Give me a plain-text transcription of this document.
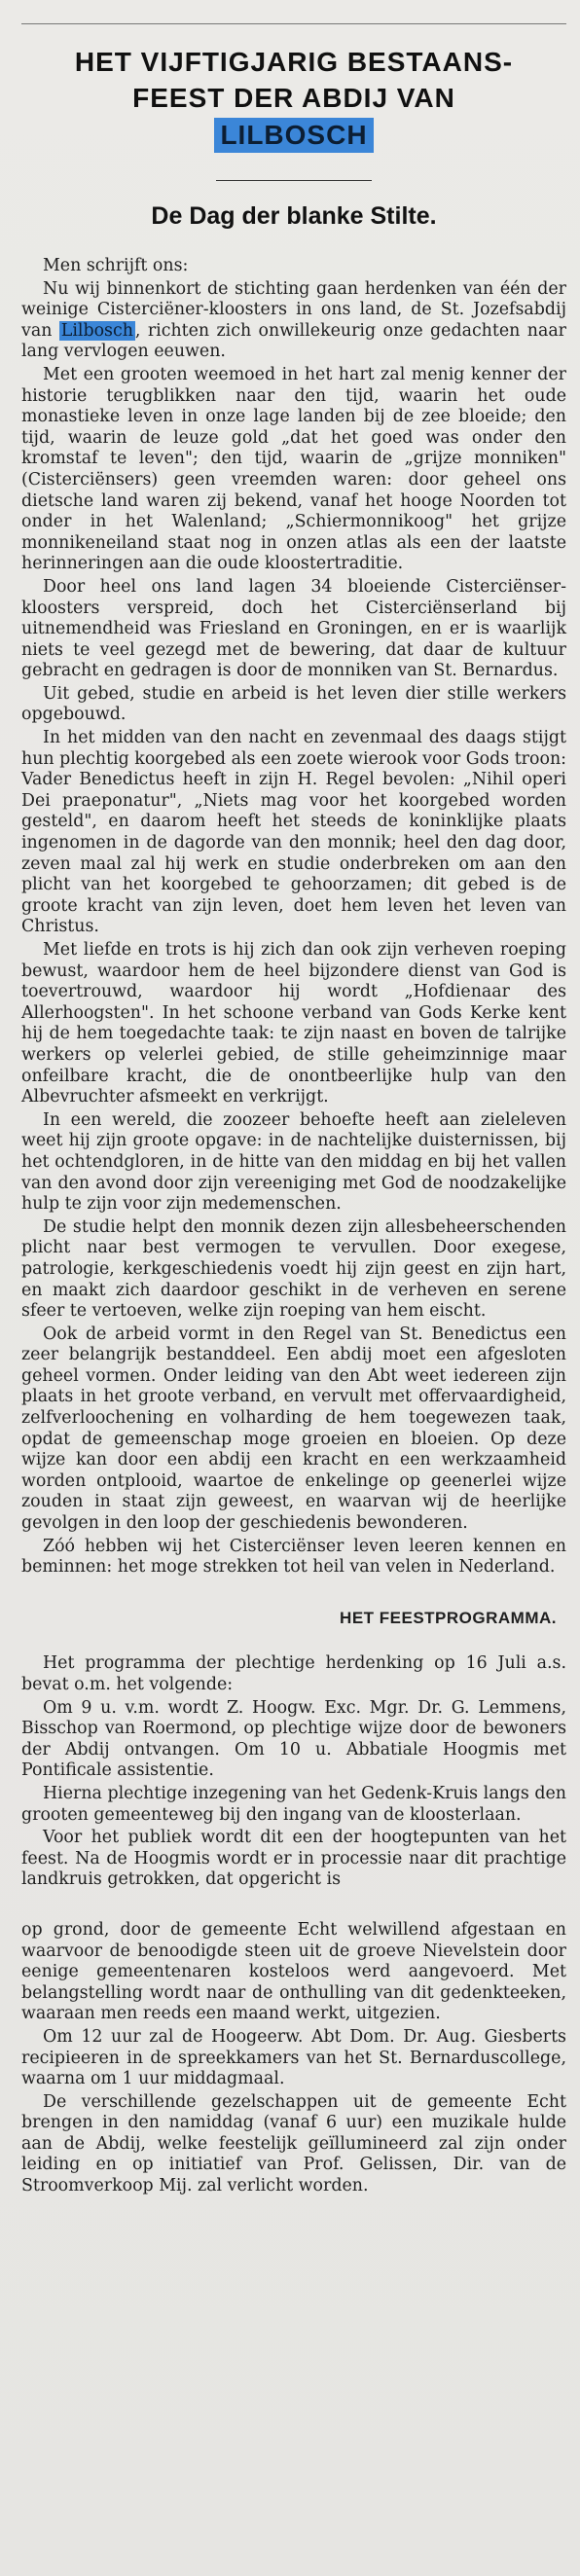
HET VIJFTIGJARIG BESTAANS-
FEEST DER ABDIJ VAN
LILBOSCH
De Dag der blanke Stilte.

Men schrijft ons:

Nu wij binnenkort de stichting gaan herdenken van één der weinige Cisterciëner-kloosters in ons land, de St. Jozefsabdij van Lilbosch , richten zich onwillekeurig onze gedachten naar lang vervlogen eeuwen.

Met een grooten weemoed in het hart zal menig kenner der historie terugblikken naar den tijd, waarin het oude monastieke leven in onze lage landen bij de zee bloeide; den tijd, waarin de leuze gold „dat het goed was onder den kromstaf te leven"; den tijd, waarin de „grijze monniken" (Cisterciënsers) geen vreemden waren: door geheel ons dietsche land waren zij bekend, vanaf het hooge Noorden tot onder in het Walenland; „Schiermonnikoog" het grijze monnikeneiland staat nog in onzen atlas als een der laatste herinneringen aan die oude kloostertraditie.

Door heel ons land lagen 34 bloeiende Cisterciënser-kloosters verspreid, doch het Cisterciënserland bij uitnemendheid was Friesland en Groningen, en er is waarlijk niets te veel gezegd met de bewering, dat daar de kultuur gebracht en gedragen is door de monniken van St. Bernardus.

Uit gebed, studie en arbeid is het leven dier stille werkers opgebouwd.

In het midden van den nacht en zevenmaal des daags stijgt hun plechtig koorgebed als een zoete wierook voor Gods troon: Vader Benedictus heeft in zijn H. Regel bevolen: „Nihil operi Dei praeponatur", „Niets mag voor het koorgebed worden gesteld", en daarom heeft het steeds de koninklijke plaats ingenomen in de dagorde van den monnik; heel den dag door, zeven maal zal hij werk en studie onderbreken om aan den plicht van het koorgebed te gehoorzamen; dit gebed is de groote kracht van zijn leven, doet hem leven het leven van Christus.

Met liefde en trots is hij zich dan ook zijn verheven roeping bewust, waardoor hem de heel bijzondere dienst van God is toevertrouwd, waardoor hij wordt „Hofdienaar des Allerhoogsten". In het schoone verband van Gods Kerke kent hij de hem toegedachte taak: te zijn naast en boven de talrijke werkers op velerlei gebied, de stille geheimzinnige maar onfeilbare kracht, die de onontbeerlijke hulp van den Albevruchter afsmeekt en verkrijgt.

In een wereld, die zoozeer behoefte heeft aan zieleleven weet hij zijn groote opgave: in de nachtelijke duisternissen, bij het ochtendgloren, in de hitte van den middag en bij het vallen van den avond door zijn vereeniging met God de noodzakelijke hulp te zijn voor zijn medemenschen.

De studie helpt den monnik dezen zijn allesbeheerschenden plicht naar best vermogen te vervullen. Door exegese, patrologie, kerkgeschiedenis voedt hij zijn geest en zijn hart, en maakt zich daardoor geschikt in de verheven en serene sfeer te vertoeven, welke zijn roeping van hem eischt.

Ook de arbeid vormt in den Regel van St. Benedictus een zeer belangrijk bestanddeel. Een abdij moet een afgesloten geheel vormen. Onder leiding van den Abt weet iedereen zijn plaats in het groote verband, en vervult met offervaardigheid, zelfverloochening en volharding de hem toegewezen taak, opdat de gemeenschap moge groeien en bloeien. Op deze wijze kan door een abdij een kracht en een werkzaamheid worden ontplooid, waartoe de enkelinge op geenerlei wijze zouden in staat zijn geweest, en waarvan wij de heerlijke gevolgen in den loop der geschiedenis bewonderen.

Zóó hebben wij het Cisterciënser leven leeren kennen en beminnen: het moge strekken tot heil van velen in Nederland.

HET FEESTPROGRAMMA.

Het programma der plechtige herdenking op 16 Juli a.s. bevat o.m. het volgende:

Om 9 u. v.m. wordt Z. Hoogw. Exc. Mgr. Dr. G. Lemmens, Bisschop van Roermond, op plechtige wijze door de bewoners der Abdij ontvangen. Om 10 u. Abbatiale Hoogmis met Pontificale assistentie.

Hierna plechtige inzegening van het Gedenk-Kruis langs den grooten gemeenteweg bij den ingang van de kloosterlaan.

Voor het publiek wordt dit een der hoogtepunten van het feest. Na de Hoogmis wordt er in processie naar dit prachtige landkruis getrokken, dat opgericht is

op grond, door de gemeente Echt welwillend afgestaan en waarvoor de benoodigde steen uit de groeve Nievelstein door eenige gemeentenaren kosteloos werd aangevoerd. Met belangstelling wordt naar de onthulling van dit gedenkteeken, waaraan men reeds een maand werkt, uitgezien.

Om 12 uur zal de Hoogeerw. Abt Dom. Dr. Aug. Giesberts recipieeren in de spreekkamers van het St. Bernarduscollege, waarna om 1 uur middagmaal.

De verschillende gezelschappen uit de gemeente Echt brengen in den namiddag (vanaf 6 uur) een muzikale hulde aan de Abdij, welke feestelijk geïllumineerd zal zijn onder leiding en op initiatief van Prof. Gelissen, Dir. van de Stroomverkoop Mij. zal verlicht worden.
